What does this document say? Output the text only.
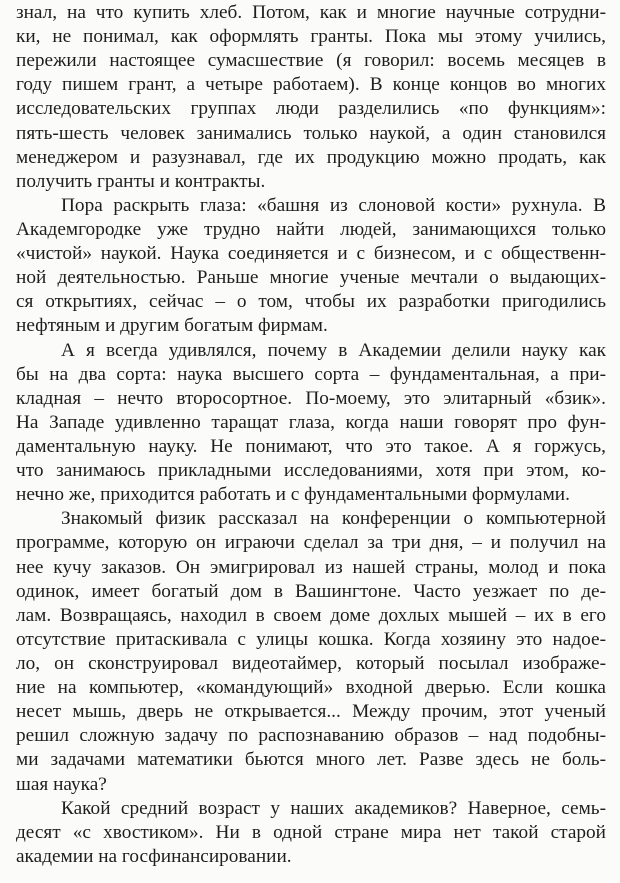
знал, на что купить хлеб. Потом, как и многие научные сотрудни-
ки, не понимал, как оформлять гранты. Пока мы этому учились,
пережили настоящее сумасшествие (я говорил: восемь месяцев в
году пишем грант, а четыре работаем). В конце концов во многих
исследовательских группах люди разделились «по функциям»:
пять-шесть человек занимались только наукой, а один становился
менеджером и разузнавал, где их продукцию можно продать, как
получить гранты и контракты.
Пора раскрыть глаза: «башня из слоновой кости» рухнула. В
Академгородке уже трудно найти людей, занимающихся только
«чистой» наукой. Наука соединяется и с бизнесом, и с общественн-
ной деятельностью. Раньше многие ученые мечтали о выдающих-
ся открытиях, сейчас – о том, чтобы их разработки пригодились
нефтяным и другим богатым фирмам.
А я всегда удивлялся, почему в Академии делили науку как
бы на два сорта: наука высшего сорта – фундаментальная, а при-
кладная – нечто второсортное. По-моему, это элитарный «бзик».
На Западе удивленно таращат глаза, когда наши говорят про фун-
даментальную науку. Не понимают, что это такое. А я горжусь,
что занимаюсь прикладными исследованиями, хотя при этом, ко-
нечно же, приходится работать и с фундаментальными формулами.
Знакомый физик рассказал на конференции о компьютерной
программе, которую он играючи сделал за три дня, – и получил на
нее кучу заказов. Он эмигрировал из нашей страны, молод и пока
одинок, имеет богатый дом в Вашингтоне. Часто уезжает по де-
лам. Возвращаясь, находил в своем доме дохлых мышей – их в его
отсутствие притаскивала с улицы кошка. Когда хозяину это надое-
ло, он сконструировал видеотаймер, который посылал изображе-
ние на компьютер, «командующий» входной дверью. Если кошка
несет мышь, дверь не открывается... Между прочим, этот ученый
решил сложную задачу по распознаванию образов – над подобны-
ми задачами математики бьются много лет. Разве здесь не боль-
шая наука?
Какой средний возраст у наших академиков? Наверное, семь-
десят «с хвостиком». Ни в одной стране мира нет такой старой
академии на госфинансировании.
